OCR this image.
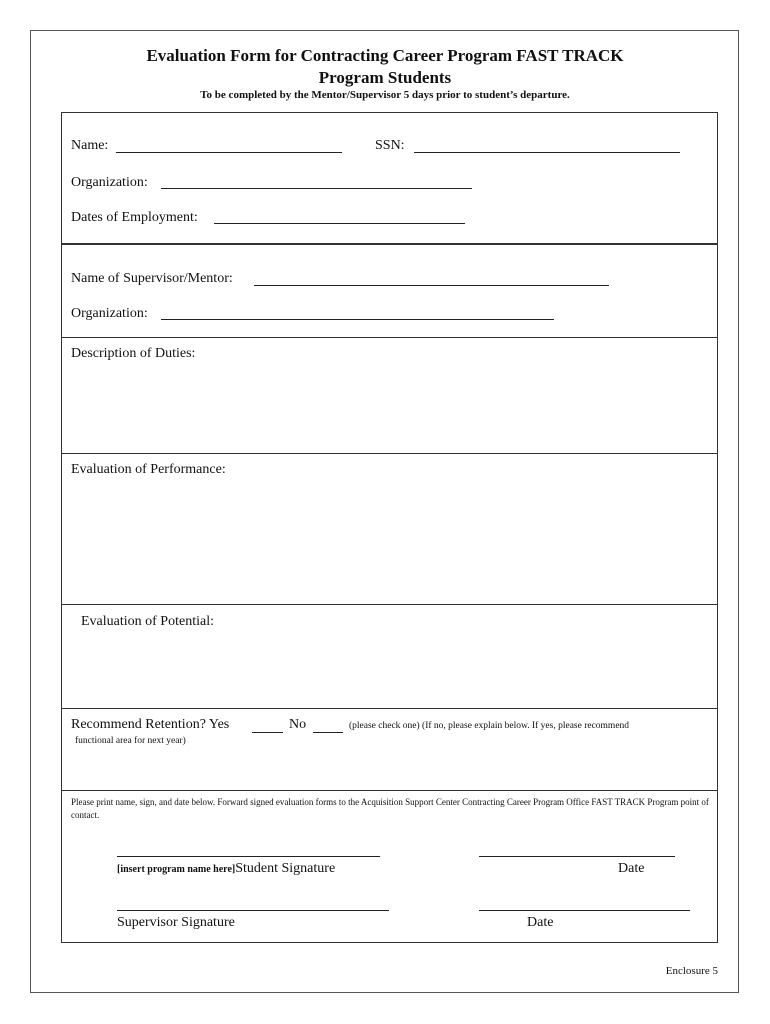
Evaluation Form for Contracting Career Program FAST TRACK
Program Students
To be completed by the Mentor/Supervisor 5 days prior to student’s departure.
Name:	SSN:
Organization:
Dates of Employment:
Name of Supervisor/Mentor:
Organization:
Description of Duties:
Evaluation of Performance:
Evaluation of Potential:
Recommend Retention? Yes	No	(please check one) (If no, please explain below. If yes, please recommend
functional area for next year)
Please print name, sign, and date below. Forward signed evaluation forms to the Acquisition Support Center Contracting Career Program Office FAST TRACK Program point of contact.
[insert program name here]Student Signature	Date
Supervisor Signature	Date
Enclosure 5
